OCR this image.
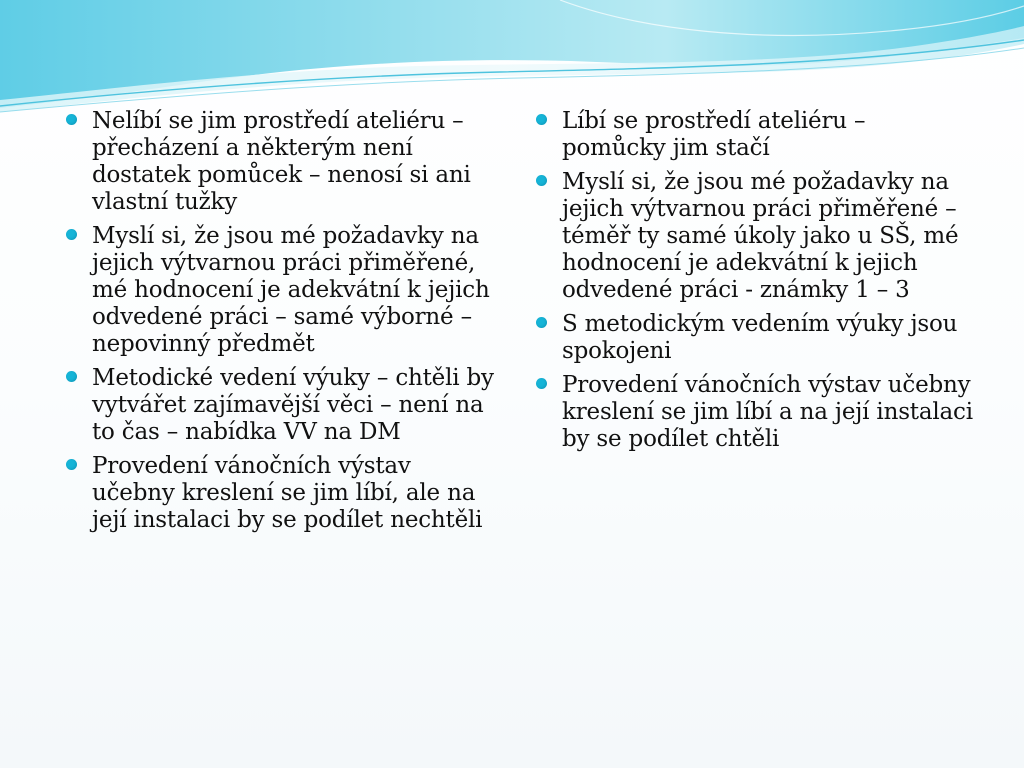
Nelíbí se jim prostředí ateliéru – přecházení a některým není dostatek pomůcek – nenosí si ani vlastní tužky
Myslí si, že jsou mé požadavky na jejich výtvarnou práci přiměřené, mé hodnocení je adekvátní k jejich odvedené práci – samé výborné – nepovinný předmět
Metodické vedení výuky – chtěli by vytvářet zajímavější věci – není na to čas – nabídka VV na DM
Provedení vánočních výstav učebny kreslení se jim líbí, ale na její instalaci by se podílet nechtěli
Líbí se prostředí ateliéru – pomůcky jim stačí
Myslí si, že jsou mé požadavky na jejich výtvarnou práci přiměřené – téměř ty samé úkoly jako u SŠ, mé hodnocení je adekvátní k jejich odvedené práci - známky 1 – 3
S metodickým vedením výuky jsou spokojeni
Provedení vánočních výstav učebny kreslení se jim líbí a na její instalaci by se podílet chtěli
